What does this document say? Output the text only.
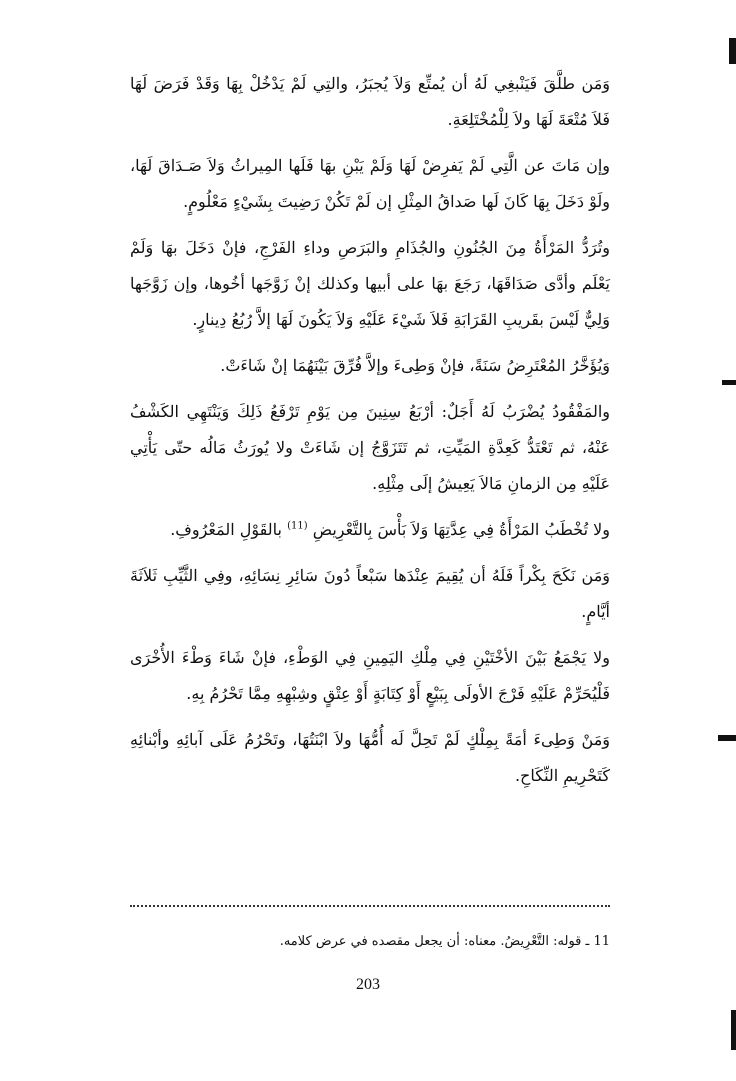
وَمَن طلَّقَ فَيَنْبغِي لَهُ أن يُمتِّع وَلاَ يُجبَرُ، والتِي لَمْ يَدْخُلْ بِهَا وَقَدْ فَرَضَ لَهَا فَلاَ مُتْعَةَ لَهَا ولاَ لِلْمُخْتَلِعَةِ.

وإن مَاتَ عن الَّتِي لَمْ يَفرِضْ لَهَا وَلَمْ يَبْنِ بهَا فَلَها المِيراثُ وَلاَ صَـدَاقَ لَهَا، ولَوْ دَخَلَ بِهَا كَانَ لَها صَداقُ المِثْلِ إن لَمْ تَكُنْ رَضِيتَ بِشَيْءٍ مَعْلُومٍ.

وتُرَدُّ المَرْأَةُ مِنَ الجُنُونِ والجُذَامِ والبَرَصِ وداءِ الفَرْجِ، فإنْ دَخَلَ بهَا وَلَمْ يَعْلَم وأدَّى صَدَاقَهَا، رَجَعَ بهَا على أبيها وكذلك إنْ زَوَّجَها أخُوها، وإن زَوَّجَها وَلِيٌّ لَيْسَ بقَريبِ القَرَابَةِ فَلاَ شَيْءَ عَلَيْهِ وَلاَ يَكُونَ لَهَا إلاَّ رُبُعُ دِينارٍ.

وَيُؤَخَّرُ المُعْتَرِضُ سَنَةً، فإنْ وَطِىءَ وإلاَّ فُرِّقَ بَيْنَهُمَا إنْ شَاءَتْ.

والمَفْقُودُ يُضْرَبُ لَهُ أَجَلٌ: أرْبَعُ سِنِينَ مِن يَوْمِ تَرْفَعُ ذَلِكَ وَيَنْتَهِي الكَشْفُ عَنْهُ، ثم تَعْتَدُّ كَعِدَّةِ المَيِّتِ، ثم تَتَزَوَّجُ إن شَاءَتْ ولا يُورَثُ مَالُه حتّى يَأْتِي عَلَيْهِ مِن الزمانِ مَالاَ يَعِيشُ إلَى مِثْلِهِ.

ولا تُخْطَبُ المَرْأَةُ فِي عِدَّتِهَا وَلاَ بَأْسَ بِالتَّعْرِيضِ $^{(11)}$ بالقَوْلِ المَعْرُوفِ.

وَمَن نَكَحَ بِكْراً فَلَهُ أن يُقِيمَ عِنْدَها سَبْعاً دُونَ سَائِرِ نِسَائِهِ، وفِي الثَّيِّبِ ثَلاَثَةَ أيَّامٍ.

ولا يَجْمَعُ بَيْنَ الأخْتَيْنِ فِي مِلْكِ اليَمِينِ فِي الوَطْءِ، فإنْ شَاءَ وَطْءَ الأُخْرَى فَلْيُحَرِّمْ عَلَيْهِ فَرْجَ الأولَى بِبَيْعٍ أَوْ كِتَابَةٍ أَوْ عِتْقٍ وشِبْهِهِ مِمَّا تَحْرُمُ بِهِ.

وَمَنْ وَطِىءَ أمَةً بِمِلْكٍ لَمْ تَحِلَّ لَه أُمُّهَا ولاَ ابْنَتُهَا، وتَحْرُمُ عَلَى آبائِهِ وأبْنائِهِ كَتَحْرِيمِ النِّكَاحِ.

11 ـ قوله: التَّعْرِيضُ. معناه: أن يجعل مقصده في عرض كلامه.
203
